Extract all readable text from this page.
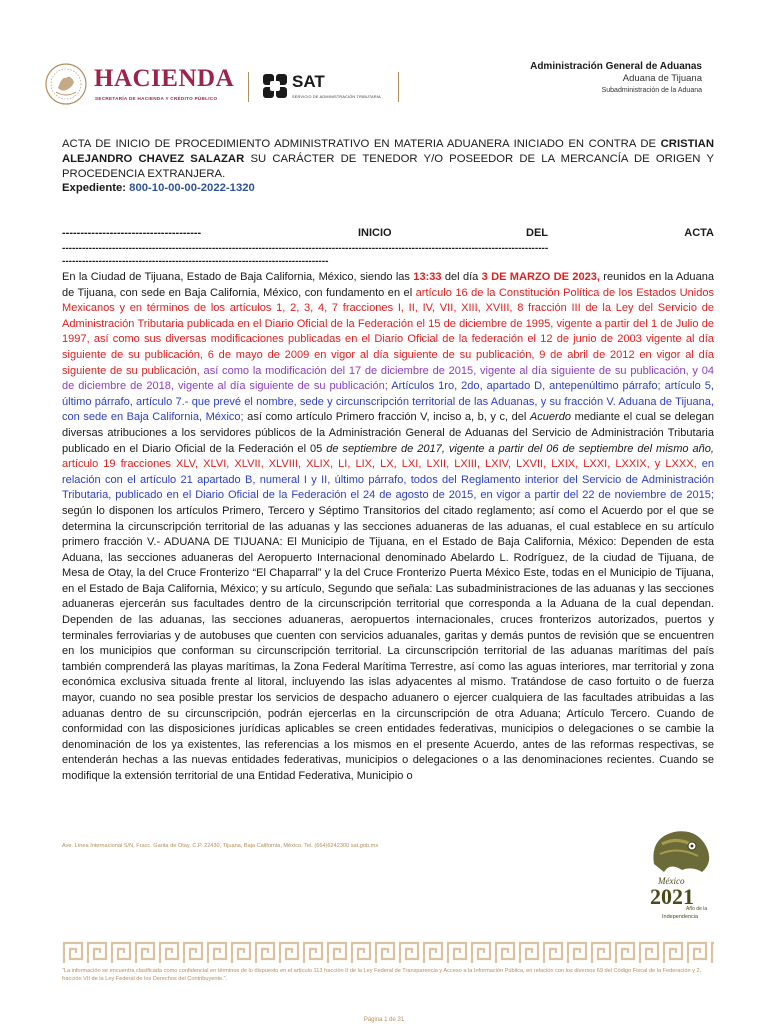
HACIENDA
SECRETARÍA DE HACIENDA Y CRÉDITO PÚBLICO
SAT
SERVICIO DE ADMINISTRACIÓN TRIBUTARIA
Administración General de Aduanas
Aduana de Tijuana
Subadministración de la Aduana
ACTA DE INICIO DE PROCEDIMIENTO ADMINISTRATIVO EN MATERIA ADUANERA INICIADO EN CONTRA DE CRISTIAN ALEJANDRO CHAVEZ SALAZAR SU CARÁCTER DE TENEDOR Y/O POSEEDOR DE LA MERCANCÍA DE ORIGEN Y PROCEDENCIA EXTRANJERA.
Expediente: 800-10-00-00-2022-1320
--------------------------------------	INICIO	DEL	ACTA
--------------------------------------------------------------------------------------------------------------------------------------------------
--------------------------------------------------------------------------------
En la Ciudad de Tijuana, Estado de Baja California, México, siendo las 13:33 del día 3 DE MARZO DE 2023, reunidos en la Aduana de Tijuana, con sede en Baja California, México, con fundamento en el artículo 16 de la Constitución Política de los Estados Unidos Mexicanos y en términos de los artículos 1, 2, 3, 4, 7 fracciones I, II, IV, VII, XIII, XVIII, 8 fracción III de la Ley del Servicio de Administración Tributaria publicada en el Diario Oficial de la Federación el 15 de diciembre de 1995, vigente a partir del 1 de Julio de 1997, así como sus diversas modificaciones publicadas en el Diario Oficial de la federación el 12 de junio de 2003 vigente al día siguiente de su publicación, 6 de mayo de 2009 en vigor al día siguiente de su publicación, 9 de abril de 2012 en vigor al día siguiente de su publicación, así como la modificación del 17 de diciembre de 2015, vigente al día siguiente de su publicación, y 04 de diciembre de 2018, vigente al día siguiente de su publicación; Artículos 1ro, 2do, apartado D, antepenúltimo párrafo; artículo 5, último párrafo, artículo 7.- que prevé el nombre, sede y circunscripción territorial de las Aduanas, y su fracción V. Aduana de Tijuana, con sede en Baja California, México; así como artículo Primero fracción V, inciso a, b, y c, del Acuerdo mediante el cual se delegan diversas atribuciones a los servidores públicos de la Administración General de Aduanas del Servicio de Administración Tributaria publicado en el Diario Oficial de la Federación el 05 de septiembre de 2017, vigente a partir del 06 de septiembre del mismo año, artículo 19 fracciones XLV, XLVI, XLVII, XLVIII, XLIX, LI, LIX, LX, LXI, LXII, LXIII, LXIV, LXVII, LXIX, LXXI, LXXIX, y LXXX, en relación con el artículo 21 apartado B, numeral I y II, último párrafo, todos del Reglamento interior del Servicio de Administración Tributaria, publicado en el Diario Oficial de la Federación el 24 de agosto de 2015, en vigor a partir del 22 de noviembre de 2015; según lo disponen los artículos Primero, Tercero y Séptimo Transitorios del citado reglamento; así como el Acuerdo por el que se determina la circunscripción territorial de las aduanas y las secciones aduaneras de las aduanas, el cual establece en su artículo primero fracción V.- ADUANA DE TIJUANA: El Municipio de Tijuana, en el Estado de Baja California, México: Dependen de esta Aduana, las secciones aduaneras del Aeropuerto Internacional denominado Abelardo L. Rodríguez, de la ciudad de Tijuana, de Mesa de Otay, la del Cruce Fronterizo “El Chaparral” y la del Cruce Fronterizo Puerta México Este, todas en el Municipio de Tijuana, en el Estado de Baja California, México; y su artículo, Segundo que señala: Las subadministraciones de las aduanas y las secciones aduaneras ejercerán sus facultades dentro de la circunscripción territorial que corresponda a la Aduana de la cual dependan. Dependen de las aduanas, las secciones aduaneras, aeropuertos internacionales, cruces fronterizos autorizados, puertos y terminales ferroviarias y de autobuses que cuenten con servicios aduanales, garitas y demás puntos de revisión que se encuentren en los municipios que conforman su circunscripción territorial. La circunscripción territorial de las aduanas marítimas del país también comprenderá las playas marítimas, la Zona Federal Marítima Terrestre, así como las aguas interiores, mar territorial y zona económica exclusiva situada frente al litoral, incluyendo las islas adyacentes al mismo. Tratándose de caso fortuito o de fuerza mayor, cuando no sea posible prestar los servicios de despacho aduanero o ejercer cualquiera de las facultades atribuidas a las aduanas dentro de su circunscripción, podrán ejercerlas en la circunscripción de otra Aduana; Artículo Tercero. Cuando de conformidad con las disposiciones jurídicas aplicables se creen entidades federativas, municipios o delegaciones o se cambie la denominación de los ya existentes, las referencias a los mismos en el presente Acuerdo, antes de las reformas respectivas, se entenderán hechas a las nuevas entidades federativas, municipios o delegaciones o a las denominaciones recientes. Cuando se modifique la extensión territorial de una Entidad Federativa, Municipio o
Ave. Línea Internacional S/N, Fracc. Garita de Otay, C.P. 22430, Tijuana, Baja California, México. Tel. (664)6242300 sat.gob.mx
México
2021
Año de la
Independencia
“La información se encuentra clasificada como confidencial en términos de lo dispuesto en el artículo 113 fracción II de la Ley Federal de Transparencia y Acceso a la Información Pública, en relación con los diversos 69 del Código Fiscal de la Federación y 2, fracción VII de la Ley Federal de los Derechos del Contribuyente.”.
Página 1 de 31
